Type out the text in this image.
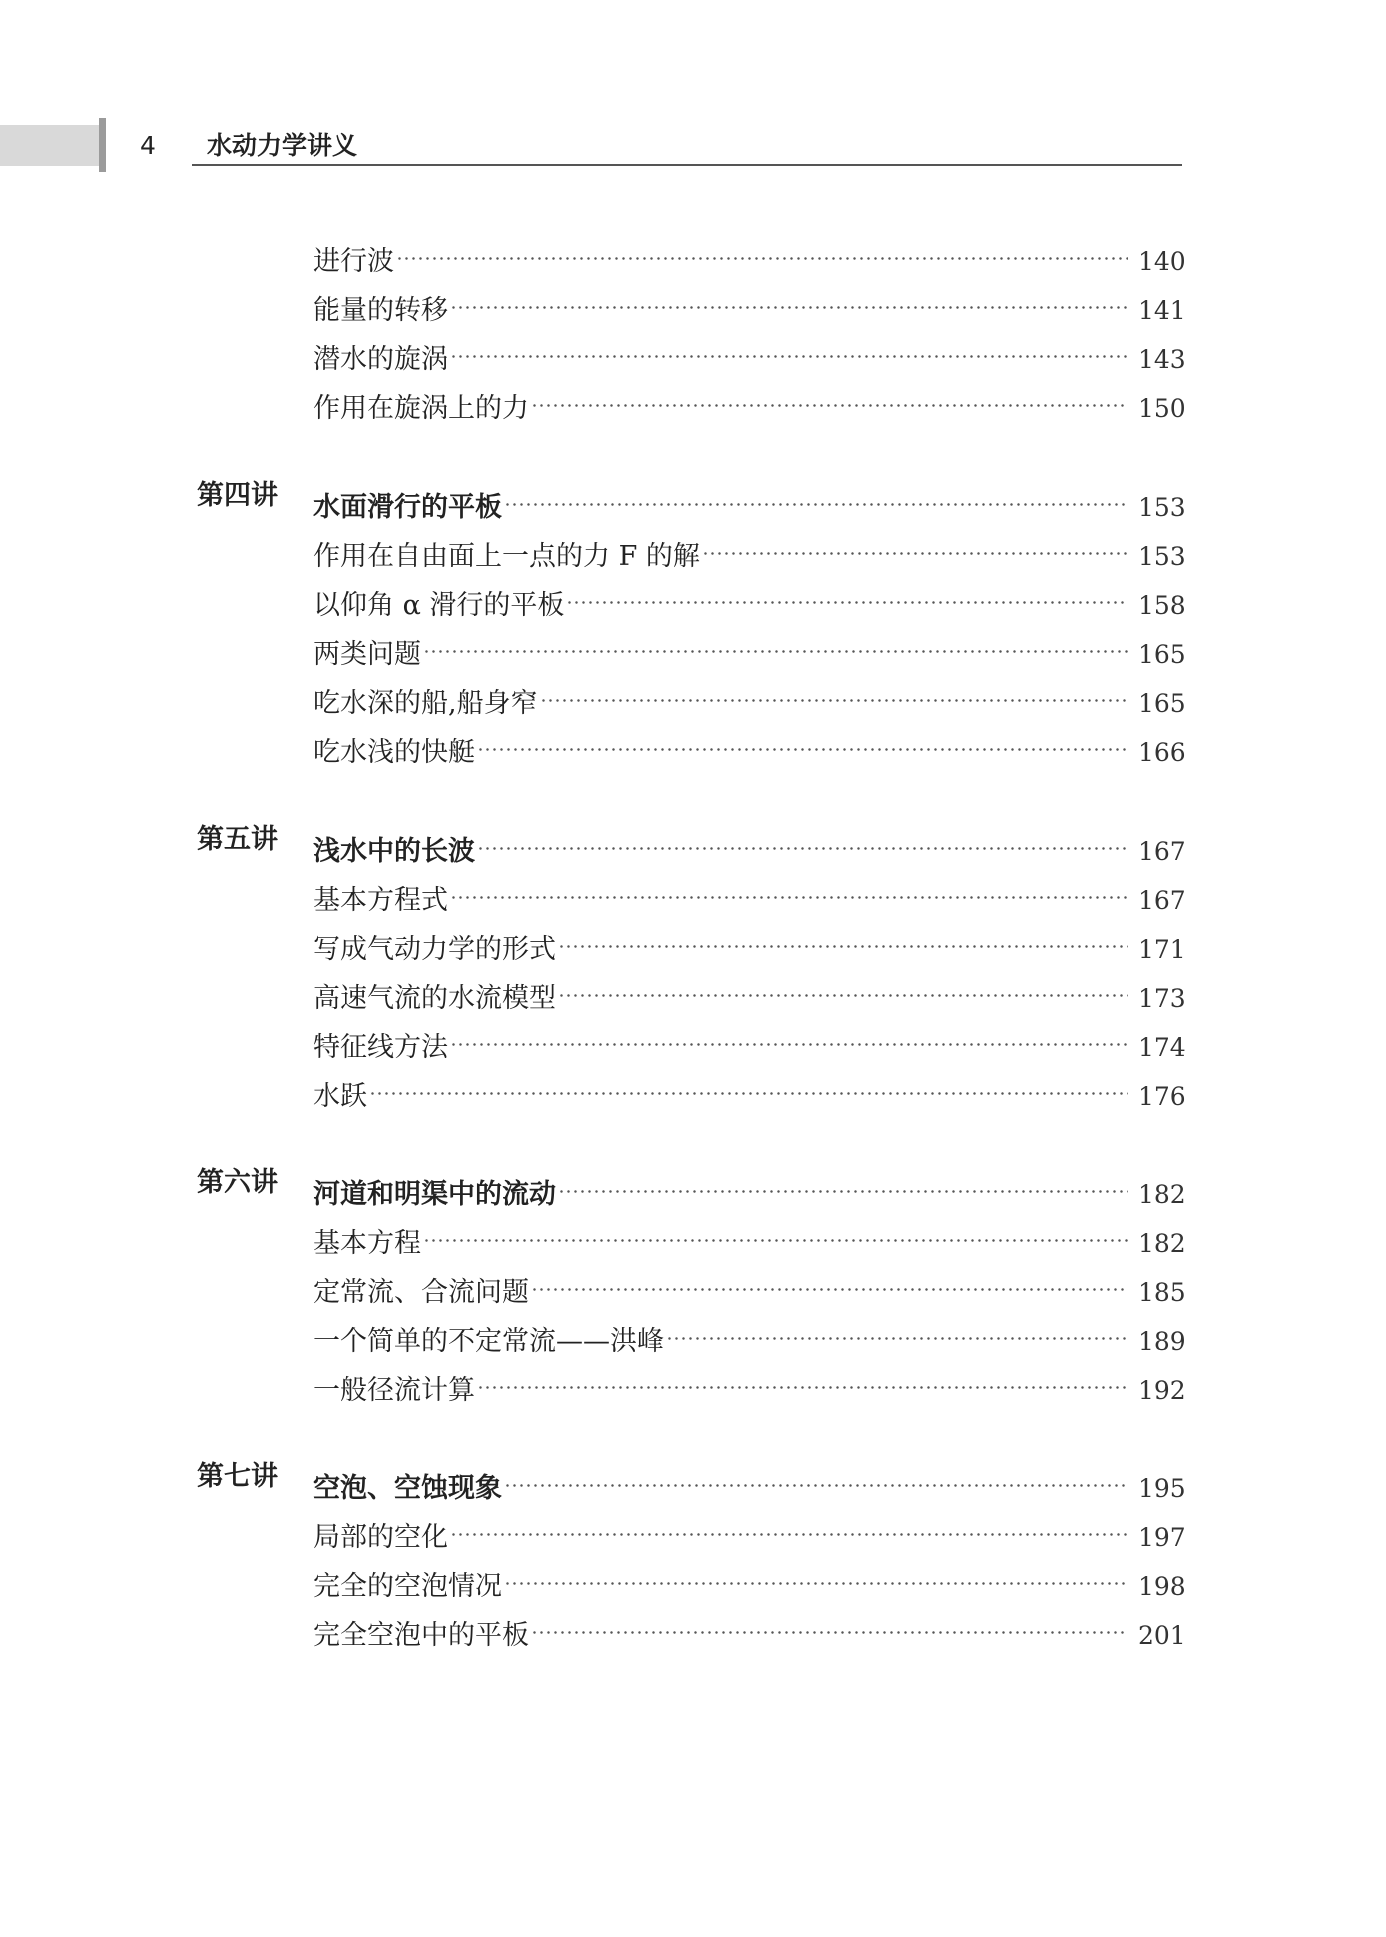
4	水动力学讲义
进行波	140
能量的转移	141
潜水的旋涡	143
作用在旋涡上的力	150
第四讲 水面滑行的平板	153
作用在自由面上一点的力 F 的解	153
以仰角 α 滑行的平板	158
两类问题	165
吃水深的船,船身窄	165
吃水浅的快艇	166
第五讲 浅水中的长波	167
基本方程式	167
写成气动力学的形式	171
高速气流的水流模型	173
特征线方法	174
水跃	176
第六讲 河道和明渠中的流动	182
基本方程	182
定常流、合流问题	185
一个简单的不定常流——洪峰	189
一般径流计算	192
第七讲 空泡、空蚀现象	195
局部的空化	197
完全的空泡情况	198
完全空泡中的平板	201
